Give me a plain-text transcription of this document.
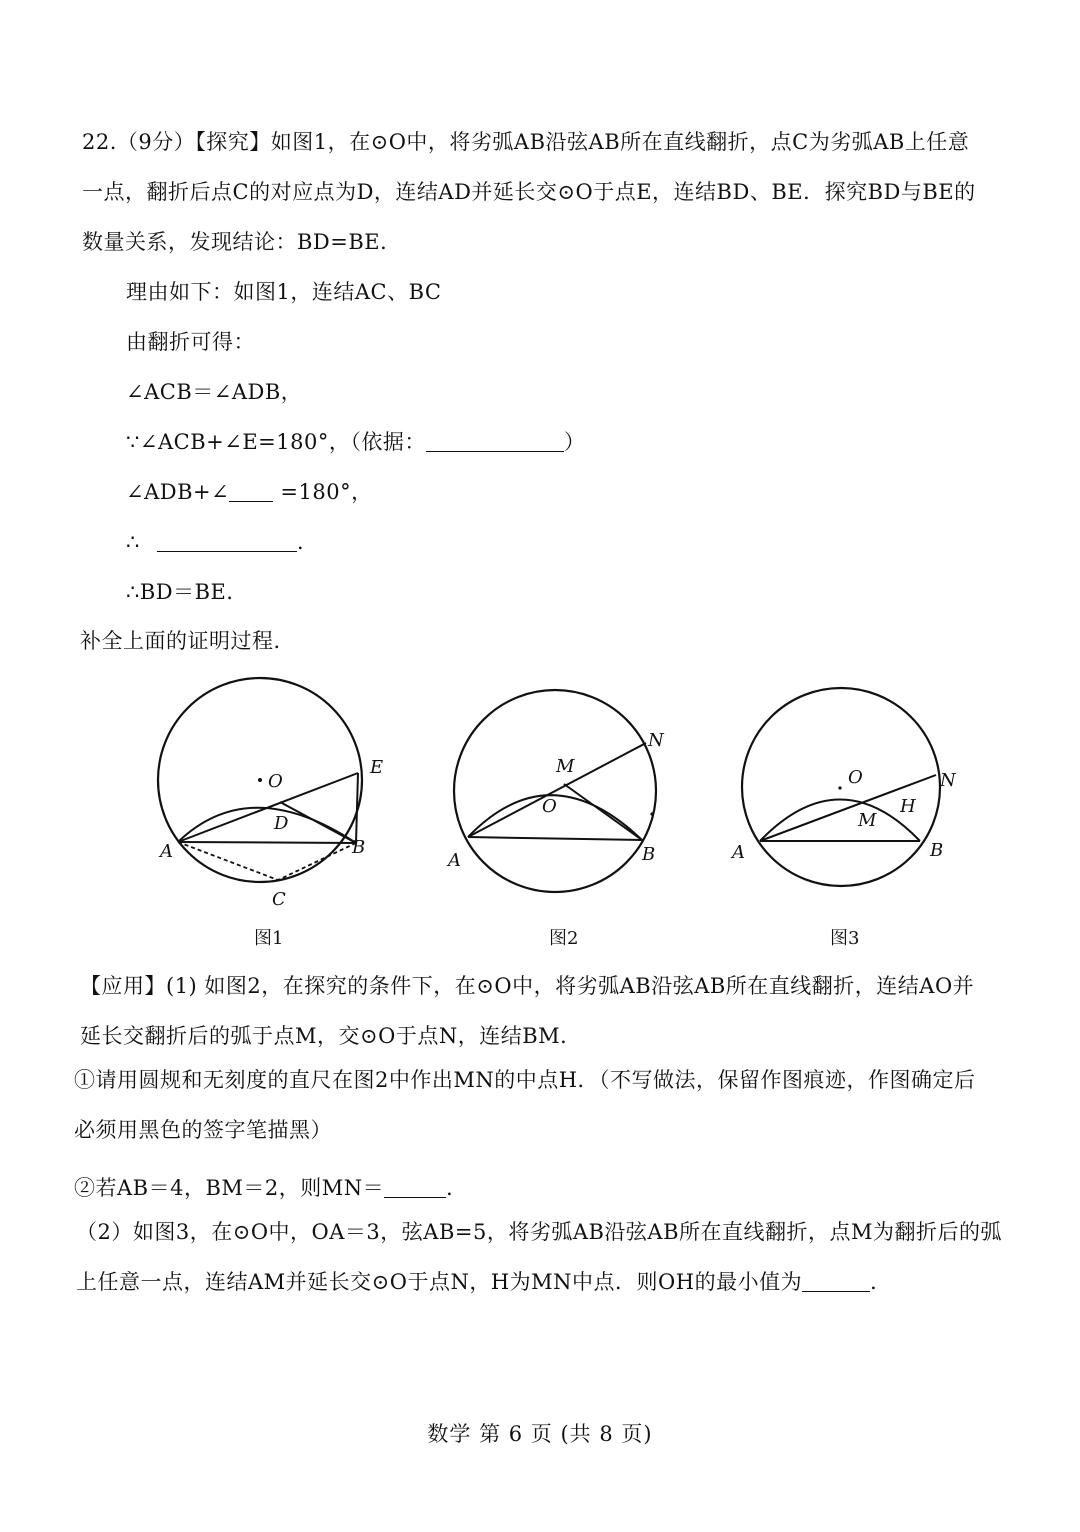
22.（9分）【探究】如图1，在⊙O中，将劣弧AB沿弦AB所在直线翻折，点C为劣弧AB上任意
一点，翻折后点C的对应点为D，连结AD并延长交⊙O于点E，连结BD、BE．探究BD与BE的
数量关系，发现结论：BD=BE．
理由如下：如图1，连结AC、BC
由翻折可得：
∠ACB＝∠ADB，
∵∠ACB+∠E=180°，（依据：	）
∠ADB+∠ =180°，
∴	．
∴BD＝BE．
补全上面的证明过程．
O
D
E
A	B
C
图1
M
N
O
A	B
图2
O	N
H
M
A	B
图3
【应用】(1) 如图2，在探究的条件下，在⊙O中，将劣弧AB沿弦AB所在直线翻折，连结AO并
延长交翻折后的弧于点M，交⊙O于点N，连结BM．
①请用圆规和无刻度的直尺在图2中作出MN的中点H．（不写做法，保留作图痕迹，作图确定后
必须用黑色的签字笔描黑）
②若AB＝4，BM＝2，则MN＝	．
（2）如图3，在⊙O中，OA＝3，弦AB=5，将劣弧AB沿弦AB所在直线翻折，点M为翻折后的弧
上任意一点，连结AM并延长交⊙O于点N，H为MN中点．则OH的最小值为	．
数学 第 6 页 (共 8 页)
